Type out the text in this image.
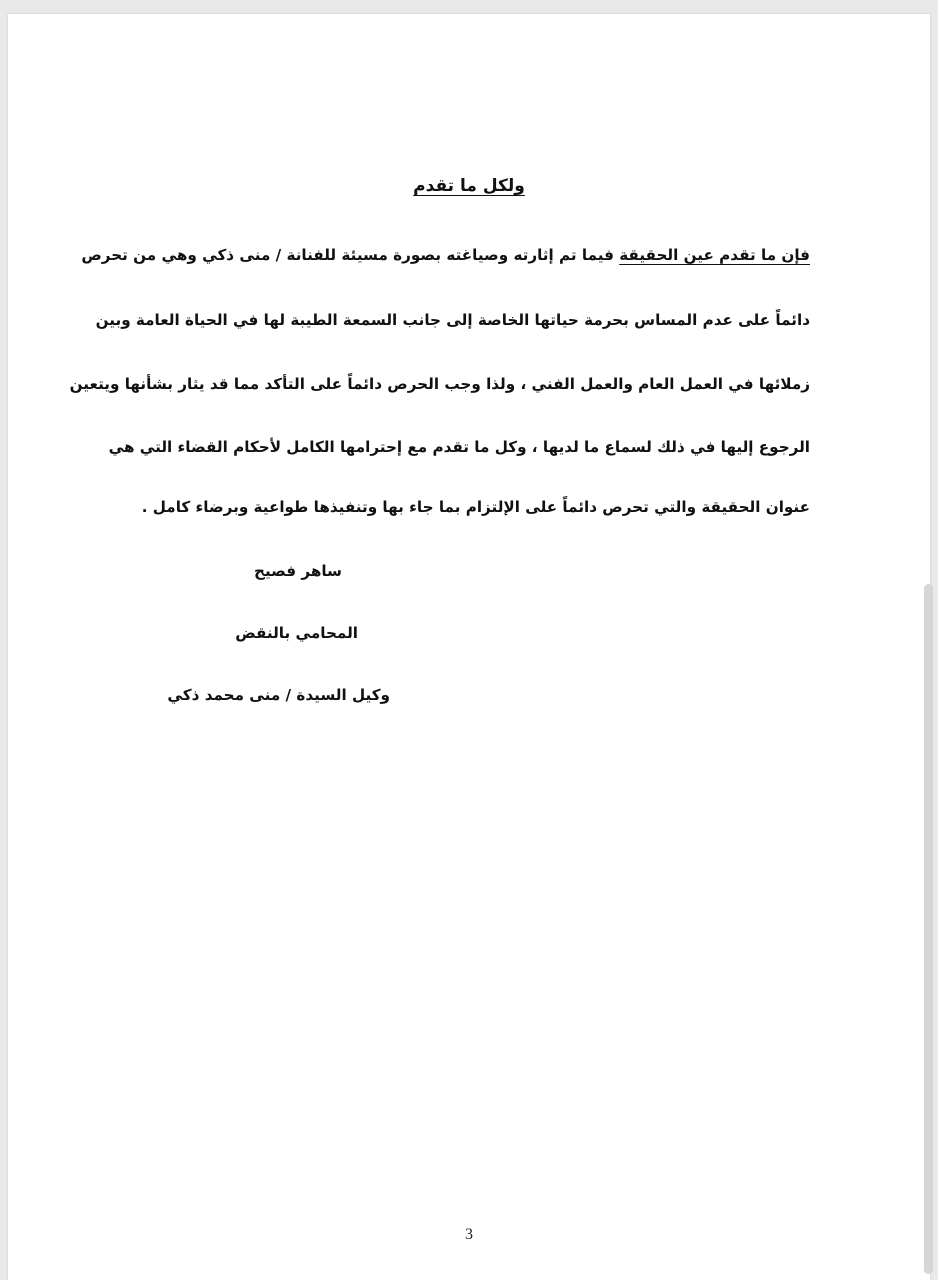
ولكل ما تقدم
فإن ما تقدم عين الحقيقة فيما تم إثارته وصياغته بصورة مسيئة للفنانة / منى ذكي وهي من تحرص
دائماً على عدم المساس بحرمة حياتها الخاصة إلى جانب السمعة الطيبة لها في الحياة العامة وبين
زملائها في العمل العام والعمل الفني ، ولذا وجب الحرص دائماً على التأكد مما قد يثار بشأنها ويتعين
الرجوع إليها في ذلك لسماع ما لديها ، وكل ما تقدم مع إحترامها الكامل لأحكام القضاء التي هي
عنوان الحقيقة والتي تحرص دائماً على الإلتزام بما جاء بها وتنفيذها طواعية وبرضاء كامل .
ساهر فصيح
المحامي بالنقض
وكيل السيدة / منى محمد ذكي
3
